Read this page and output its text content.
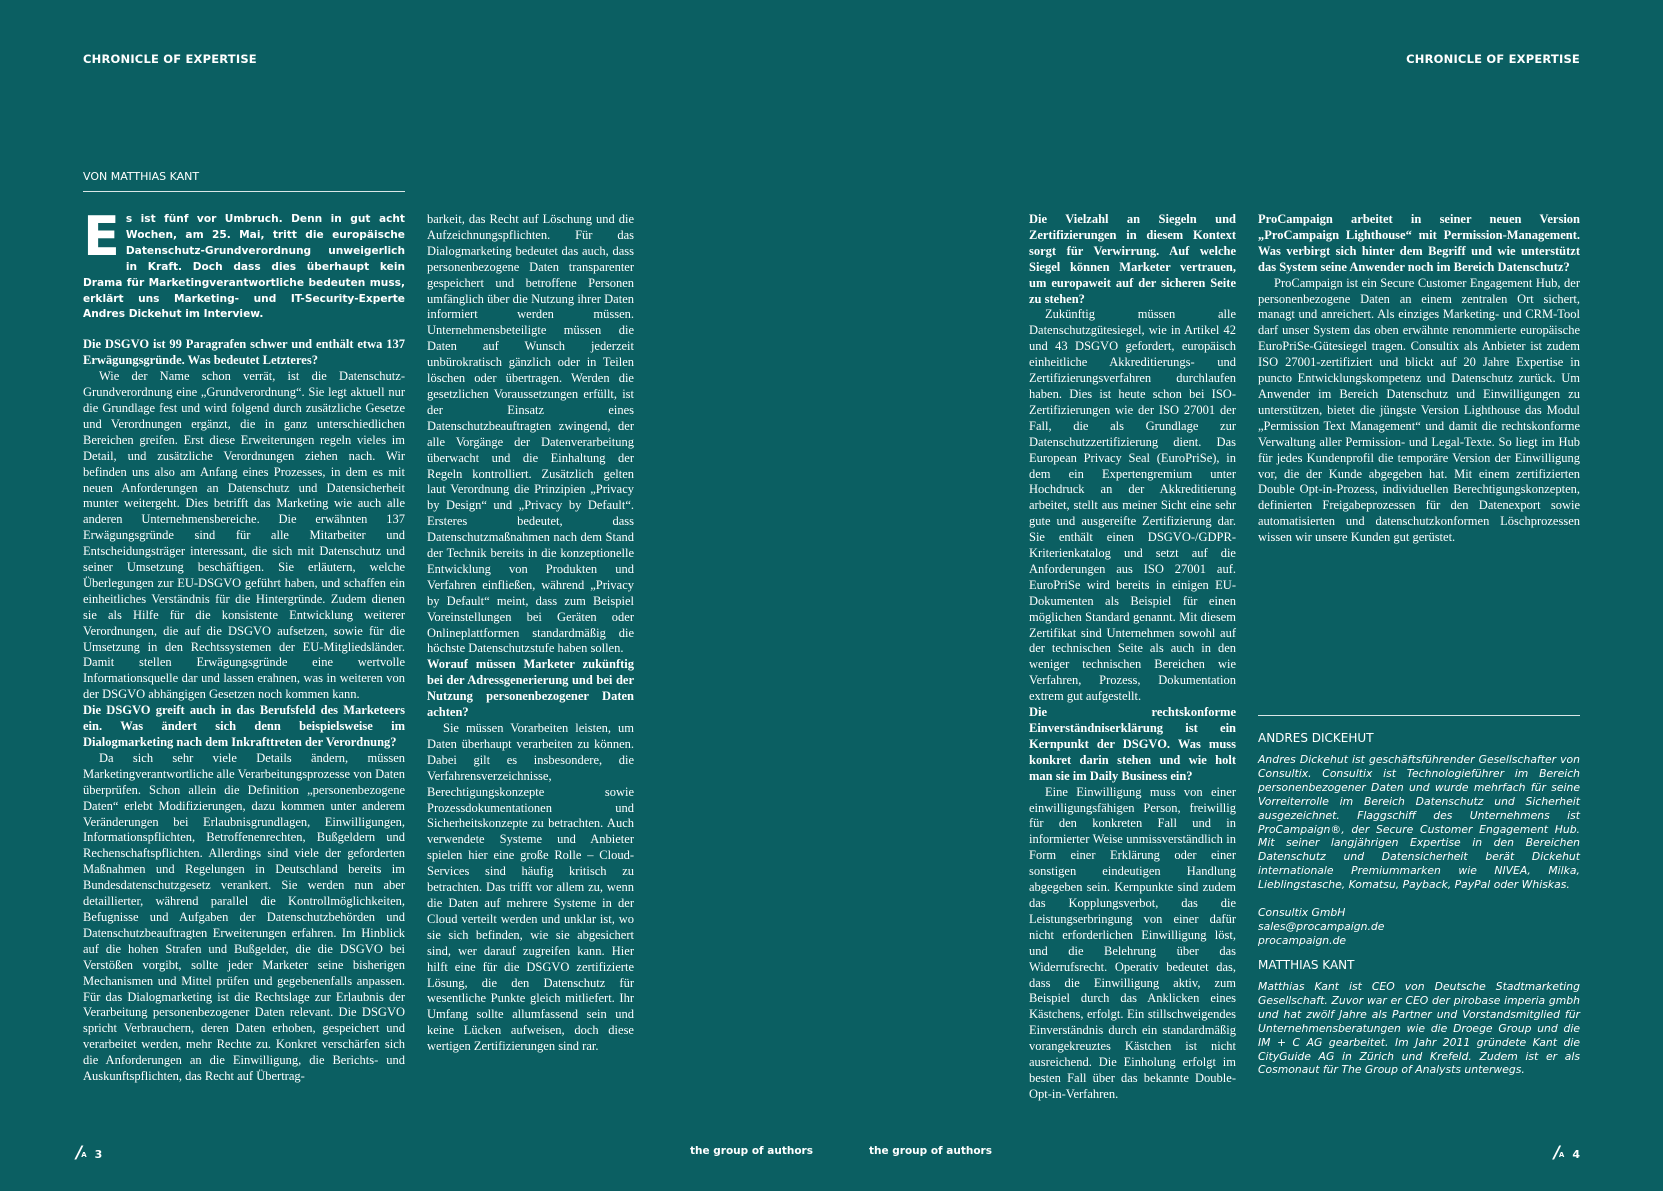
CHRONICLE OF EXPERTISE
VON MATTHIAS KANT
E s ist fünf vor Umbruch. Denn in gut acht Wochen, am 25. Mai, tritt die europäische Datenschutz-Grundverordnung unweigerlich in Kraft. Doch dass dies überhaupt kein Drama für Marketingverantwortliche bedeuten muss, erklärt uns Marketing- und IT-Security-Experte Andres Dickehut im Interview.

Die DSGVO ist 99 Paragrafen schwer und enthält etwa 137 Erwägungsgründe. Was bedeutet Letzteres?

Wie der Name schon verrät, ist die Datenschutz-Grundverordnung eine „Grundverordnung“. Sie legt aktuell nur die Grundlage fest und wird folgend durch zusätzliche Gesetze und Verordnungen ergänzt, die in ganz unterschiedlichen Bereichen greifen. Erst diese Erweiterungen regeln vieles im Detail, und zusätzliche Verordnungen ziehen nach. Wir befinden uns also am Anfang eines Prozesses, in dem es mit neuen Anforderungen an Datenschutz und Datensicherheit munter weitergeht. Dies betrifft das Marketing wie auch alle anderen Unternehmensbereiche. Die erwähnten 137 Erwägungsgründe sind für alle Mitarbeiter und Entscheidungsträger interessant, die sich mit Datenschutz und seiner Umsetzung beschäftigen. Sie erläutern, welche Überlegungen zur EU-DSGVO geführt haben, und schaffen ein einheitliches Verständnis für die Hintergründe. Zudem dienen sie als Hilfe für die konsistente Entwicklung weiterer Verordnungen, die auf die DSGVO aufsetzen, sowie für die Umsetzung in den Rechtssystemen der EU-Mitgliedsländer. Damit stellen Erwägungsgründe eine wertvolle Informationsquelle dar und lassen erahnen, was in weiteren von der DSGVO abhängigen Gesetzen noch kommen kann.

Die DSGVO greift auch in das Berufsfeld des Marketeers ein. Was ändert sich denn beispielsweise im Dialogmarketing nach dem Inkrafttreten der Verordnung?

Da sich sehr viele Details ändern, müssen Marketingverantwortliche alle Verarbeitungsprozesse von Daten überprüfen. Schon allein die Definition „personenbezogene Daten“ erlebt Modifizierungen, dazu kommen unter anderem Veränderungen bei Erlaubnisgrundlagen, Einwilligungen, Informationspflichten, Betroffenenrechten, Bußgeldern und Rechenschaftspflichten. Allerdings sind viele der geforderten Maßnahmen und Regelungen in Deutschland bereits im Bundesdatenschutzgesetz verankert. Sie werden nun aber detaillierter, während parallel die Kontrollmöglichkeiten, Befugnisse und Aufgaben der Datenschutzbehörden und Datenschutzbeauftragten Erweiterungen erfahren. Im Hinblick auf die hohen Strafen und Bußgelder, die die DSGVO bei Verstößen vorgibt, sollte jeder Marketer seine bisherigen Mechanismen und Mittel prüfen und gegebenenfalls anpassen. Für das Dialogmarketing ist die Rechtslage zur Erlaubnis der Verarbeitung personenbezogener Daten relevant. Die DSGVO spricht Verbrauchern, deren Daten erhoben, gespeichert und verarbeitet werden, mehr Rechte zu. Konkret verschärfen sich die Anforderungen an die Einwilligung, die Berichts- und Auskunftspflichten, das Recht auf Übertrag-

barkeit, das Recht auf Löschung und die Aufzeichnungspflichten. Für das Dialogmarketing bedeutet das auch, dass personenbezogene Daten transparenter gespeichert und betroffene Personen umfänglich über die Nutzung ihrer Daten informiert werden müssen. Unternehmensbeteiligte müssen die Daten auf Wunsch jederzeit unbürokratisch gänzlich oder in Teilen löschen oder übertragen. Werden die gesetzlichen Voraussetzungen erfüllt, ist der Einsatz eines Datenschutzbeauftragten zwingend, der alle Vorgänge der Datenverarbeitung überwacht und die Einhaltung der Regeln kontrolliert. Zusätzlich gelten laut Verordnung die Prinzipien „Privacy by Design“ und „Privacy by Default“. Ersteres bedeutet, dass Datenschutzmaßnahmen nach dem Stand der Technik bereits in die konzeptionelle Entwicklung von Produkten und Verfahren einfließen, während „Privacy by Default“ meint, dass zum Beispiel Voreinstellungen bei Geräten oder Onlineplattformen standardmäßig die höchste Datenschutzstufe haben sollen.

Worauf müssen Marketer zukünftig bei der Adressgenerierung und bei der Nutzung personenbezogener Daten achten?

Sie müssen Vorarbeiten leisten, um Daten überhaupt verarbeiten zu können. Dabei gilt es insbesondere, die Verfahrensverzeichnisse, Berechtigungskonzepte sowie Prozessdokumentationen und Sicherheitskonzepte zu betrachten. Auch verwendete Systeme und Anbieter spielen hier eine große Rolle – Cloud-Services sind häufig kritisch zu betrachten. Das trifft vor allem zu, wenn die Daten auf mehrere Systeme in der Cloud verteilt werden und unklar ist, wo sie sich befinden, wie sie abgesichert sind, wer darauf zugreifen kann. Hier hilft eine für die DSGVO zertifizierte Lösung, die den Datenschutz für wesentliche Punkte gleich mitliefert. Ihr Umfang sollte allumfassend sein und keine Lücken aufweisen, doch diese wertigen Zertifizierungen sind rar.

/A 3	the group of authors
CHRONICLE OF EXPERTISE

Die Vielzahl an Siegeln und Zertifizierungen in diesem Kontext sorgt für Verwirrung. Auf welche Siegel können Marketer vertrauen, um europaweit auf der sicheren Seite zu stehen?

Zukünftig müssen alle Datenschutzgütesiegel, wie in Artikel 42 und 43 DSGVO gefordert, europäisch einheitliche Akkreditierungs- und Zertifizierungsverfahren durchlaufen haben. Dies ist heute schon bei ISO-Zertifizierungen wie der ISO 27001 der Fall, die als Grundlage zur Datenschutzzertifizierung dient. Das European Privacy Seal (EuroPriSe), in dem ein Expertengremium unter Hochdruck an der Akkreditierung arbeitet, stellt aus meiner Sicht eine sehr gute und ausgereifte Zertifizierung dar. Sie enthält einen DSGVO-/GDPR-Kriterienkatalog und setzt auf die Anforderungen aus ISO 27001 auf. EuroPriSe wird bereits in einigen EU-Dokumenten als Beispiel für einen möglichen Standard genannt. Mit diesem Zertifikat sind Unternehmen sowohl auf der technischen Seite als auch in den weniger technischen Bereichen wie Verfahren, Prozess, Dokumentation extrem gut aufgestellt.

Die rechtskonforme Einverständniserklärung ist ein Kernpunkt der DSGVO. Was muss konkret darin stehen und wie holt man sie im Daily Business ein?

Eine Einwilligung muss von einer einwilligungsfähigen Person, freiwillig für den konkreten Fall und in informierter Weise unmissverständlich in Form einer Erklärung oder einer sonstigen eindeutigen Handlung abgegeben sein. Kernpunkte sind zudem das Kopplungsverbot, das die Leistungserbringung von einer dafür nicht erforderlichen Einwilligung löst, und die Belehrung über das Widerrufsrecht. Operativ bedeutet das, dass die Einwilligung aktiv, zum Beispiel durch das Anklicken eines Kästchens, erfolgt. Ein stillschweigendes Einverständnis durch ein standardmäßig vorangekreuztes Kästchen ist nicht ausreichend. Die Einholung erfolgt im besten Fall über das bekannte Double-Opt-in-Verfahren.

ProCampaign arbeitet in seiner neuen Version „ProCampaign Lighthouse“ mit Permission-Management. Was verbirgt sich hinter dem Begriff und wie unterstützt das System seine Anwender noch im Bereich Datenschutz?

ProCampaign ist ein Secure Customer Engagement Hub, der personenbezogene Daten an einem zentralen Ort sichert, managt und anreichert. Als einziges Marketing- und CRM-Tool darf unser System das oben erwähnte renommierte europäische EuroPriSe-Gütesiegel tragen. Consultix als Anbieter ist zudem ISO 27001-zertifiziert und blickt auf 20 Jahre Expertise in puncto Entwicklungskompetenz und Datenschutz zurück. Um Anwender im Bereich Datenschutz und Einwilligungen zu unterstützen, bietet die jüngste Version Lighthouse das Modul „Permission Text Management“ und damit die rechtskonforme Verwaltung aller Permission- und Legal-Texte. So liegt im Hub für jedes Kundenprofil die temporäre Version der Einwilligung vor, die der Kunde abgegeben hat. Mit einem zertifizierten Double Opt-in-Prozess, individuellen Berechtigungskonzepten, definierten Freigabeprozessen für den Datenexport sowie automatisierten und datenschutzkonformen Löschprozessen wissen wir unsere Kunden gut gerüstet.

the group of authors	/A 4
ANDRES DICKEHUT
Andres Dickehut ist geschäftsführender Gesellschafter von Consultix. Consultix ist Technologieführer im Bereich personenbezogener Daten und wurde mehrfach für seine Vorreiterrolle im Bereich Datenschutz und Sicherheit ausgezeichnet. Flaggschiff des Unternehmens ist ProCampaign®, der Secure Customer Engagement Hub. Mit seiner langjährigen Expertise in den Bereichen Datenschutz und Datensicherheit berät Dickehut internationale Premiummarken wie NIVEA, Milka, Lieblingstasche, Komatsu, Payback, PayPal oder Whiskas.
Consultix GmbH
sales@procampaign.de
procampaign.de
MATTHIAS KANT
Matthias Kant ist CEO von Deutsche Stadtmarketing Gesellschaft. Zuvor war er CEO der pirobase imperia gmbh und hat zwölf Jahre als Partner und Vorstandsmitglied für Unternehmensberatungen wie die Droege Group und die IM + C AG gearbeitet. Im Jahr 2011 gründete Kant die CityGuide AG in Zürich und Krefeld. Zudem ist er als Cosmonaut für The Group of Analysts unterwegs.
